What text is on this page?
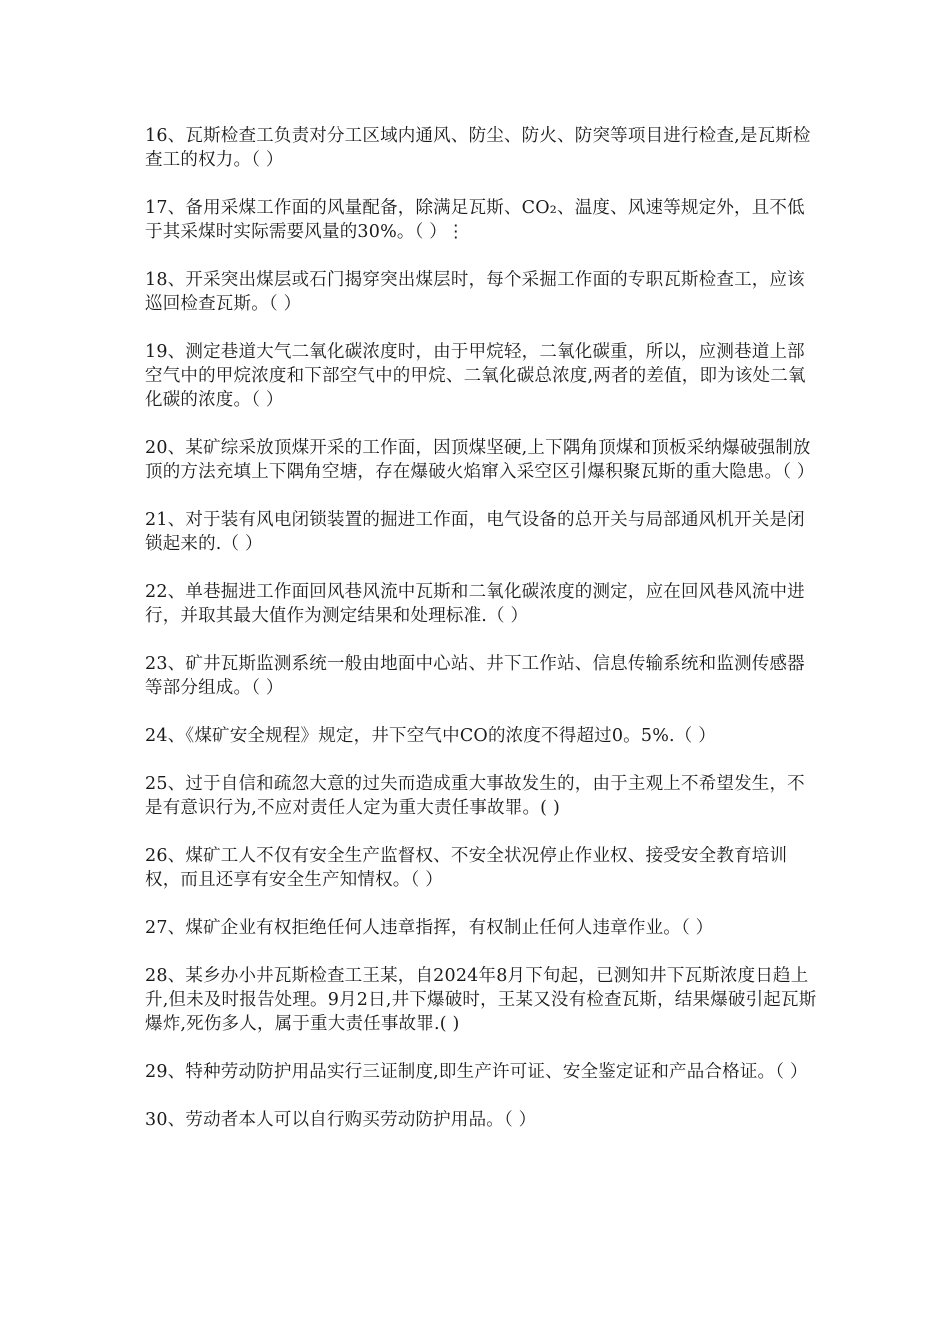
16、瓦斯检查工负责对分工区域内通风、防尘、防火、防突等项目进行检查,是瓦斯检查工的权力。（ ）

17、备用采煤工作面的风量配备，除满足瓦斯、CO₂、温度、风速等规定外，且不低于其采煤时实际需要风量的30%。（ ）⋮

18、开采突出煤层或石门揭穿突出煤层时，每个采掘工作面的专职瓦斯检查工，应该巡回检查瓦斯。（ ）

19、测定巷道大气二氧化碳浓度时，由于甲烷轻，二氧化碳重，所以，应测巷道上部空气中的甲烷浓度和下部空气中的甲烷、二氧化碳总浓度,两者的差值，即为该处二氧化碳的浓度。（ ）

20、某矿综采放顶煤开采的工作面，因顶煤坚硬,上下隅角顶煤和顶板采纳爆破强制放顶的方法充填上下隅角空塘，存在爆破火焰窜入采空区引爆积聚瓦斯的重大隐患。（ ）

21、对于装有风电闭锁装置的掘进工作面，电气设备的总开关与局部通风机开关是闭锁起来的.（ ）

22、单巷掘进工作面回风巷风流中瓦斯和二氧化碳浓度的测定，应在回风巷风流中进行，并取其最大值作为测定结果和处理标准.（ ）

23、矿井瓦斯监测系统一般由地面中心站、井下工作站、信息传输系统和监测传感器等部分组成。（ ）

24、《煤矿安全规程》规定，井下空气中CO的浓度不得超过0。5%.（ ）

25、过于自信和疏忽大意的过失而造成重大事故发生的，由于主观上不希望发生，不是有意识行为,不应对责任人定为重大责任事故罪。( )

26、煤矿工人不仅有安全生产监督权、不安全状况停止作业权、接受安全教育培训权，而且还享有安全生产知情权。（ ）

27、煤矿企业有权拒绝任何人违章指挥，有权制止任何人违章作业。（ ）

28、某乡办小井瓦斯检查工王某，自2024年8月下旬起，已测知井下瓦斯浓度日趋上升,但未及时报告处理。9月2日,井下爆破时，王某又没有检查瓦斯，结果爆破引起瓦斯爆炸,死伤多人，属于重大责任事故罪.( )

29、特种劳动防护用品实行三证制度,即生产许可证、安全鉴定证和产品合格证。（ ）

30、劳动者本人可以自行购买劳动防护用品。（ ）
